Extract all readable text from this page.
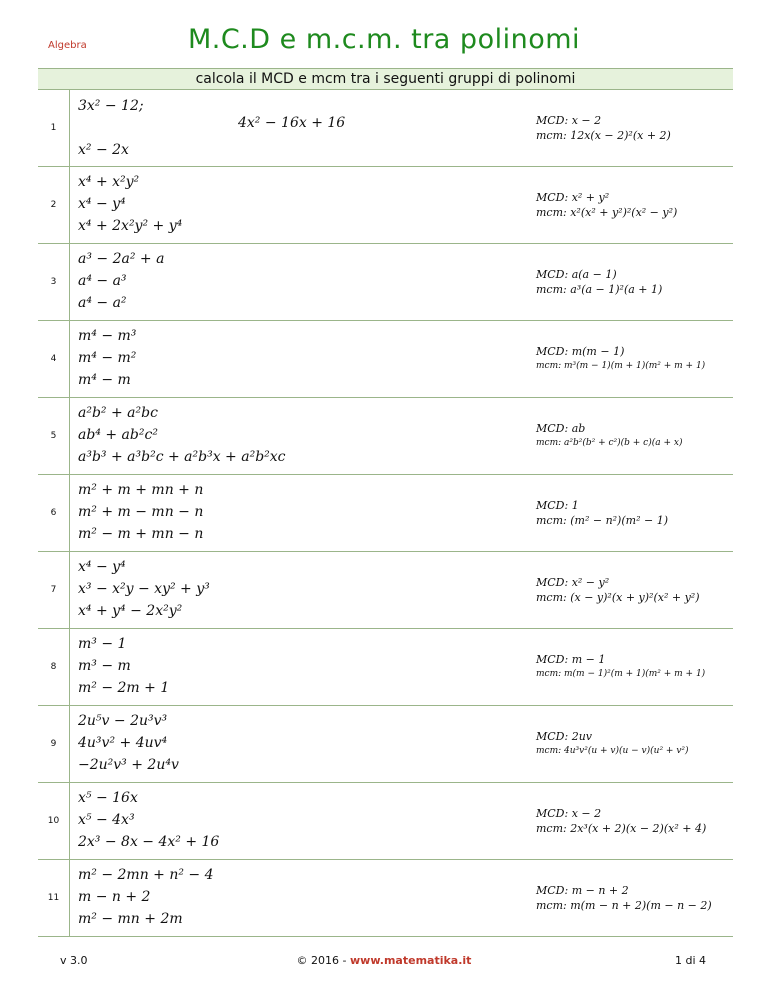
Algebra	M.C.D e m.c.m. tra polinomi
calcola il MCD e mcm tra i seguenti gruppi di polinomi
1
3x² − 12;
4x² − 16x + 16
x² − 2x
MCD: x − 2
mcm: 12x(x − 2)²(x + 2)
2
x⁴ + x²y²
x⁴ − y⁴
x⁴ + 2x²y² + y⁴
MCD: x² + y²
mcm: x²(x² + y²)²(x² − y²)
3
a³ − 2a² + a
a⁴ − a³
a⁴ − a²
MCD: a(a − 1)
mcm: a³(a − 1)²(a + 1)
4
m⁴ − m³
m⁴ − m²
m⁴ − m
MCD: m(m − 1)
mcm: m³(m − 1)(m + 1)(m² + m + 1)
5
a²b² + a²bc
ab⁴ + ab²c²
a³b³ + a³b²c + a²b³x + a²b²xc
MCD: ab
mcm: a²b²(b² + c²)(b + c)(a + x)
6
m² + m + mn + n
m² + m − mn − n
m² − m + mn − n
MCD: 1
mcm: (m² − n²)(m² − 1)
7
x⁴ − y⁴
x³ − x²y − xy² + y³
x⁴ + y⁴ − 2x²y²
MCD: x² − y²
mcm: (x − y)²(x + y)²(x² + y²)
8
m³ − 1
m³ − m
m² − 2m + 1
MCD: m − 1
mcm: m(m − 1)²(m + 1)(m² + m + 1)
9
2u⁵v − 2u³v³
4u³v² + 4uv⁴
−2u²v³ + 2u⁴v
MCD: 2uv
mcm: 4u³v²(u + v)(u − v)(u² + v²)
10
x⁵ − 16x
x⁵ − 4x³
2x³ − 8x − 4x² + 16
MCD: x − 2
mcm: 2x³(x + 2)(x − 2)(x² + 4)
11
m² − 2mn + n² − 4
m − n + 2
m² − mn + 2m
MCD: m − n + 2
mcm: m(m − n + 2)(m − n − 2)
v 3.0	© 2016 - www.matematika.it	1 di 4
